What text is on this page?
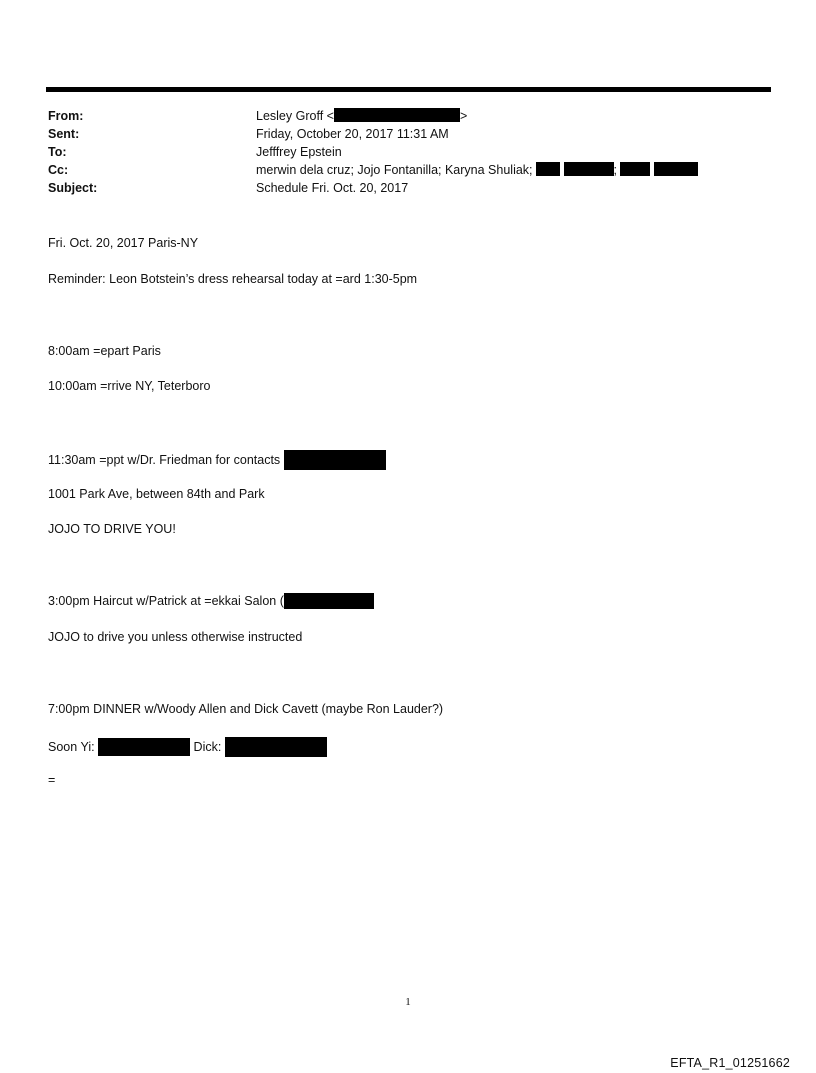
From:	Lesley Groff <	>
Sent:	Friday, October 20, 2017 11:31 AM
To:	Jefffrey Epstein
Cc:	merwin dela cruz; Jojo Fontanilla; Karyna Shuliak;	;
Subject:	Schedule Fri. Oct. 20, 2017
Fri. Oct. 20, 2017 Paris-NY
Reminder: Leon Botstein’s dress rehearsal today at =ard 1:30-5pm
8:00am =epart Paris
10:00am =rrive NY, Teterboro
11:30am =ppt w/Dr. Friedman for contacts
1001 Park Ave, between 84th and Park
JOJO TO DRIVE YOU!
3:00pm Haircut w/Patrick at =ekkai Salon (
JOJO to drive you unless otherwise instructed
7:00pm DINNER w/Woody Allen and Dick Cavett (maybe Ron Lauder?)
Soon Yi:	Dick:
=
1
EFTA_R1_01251662
